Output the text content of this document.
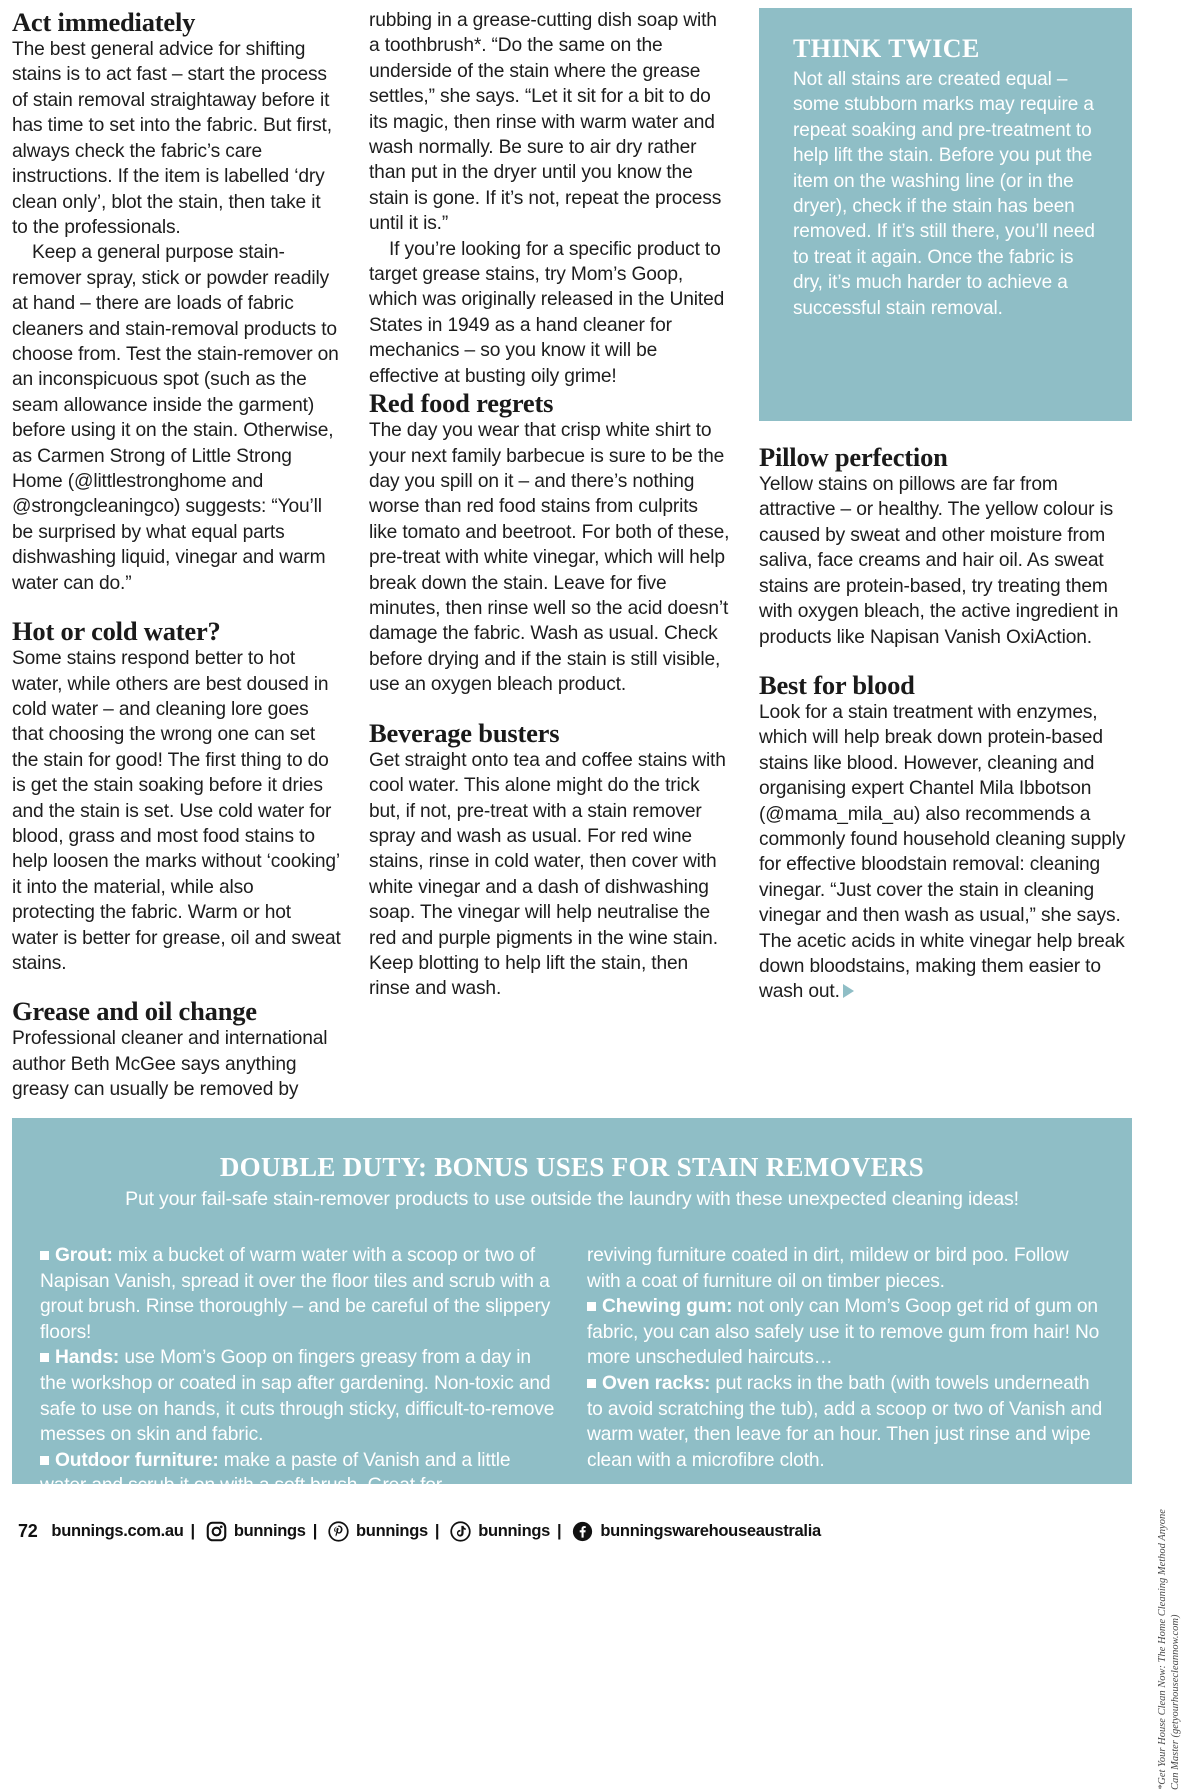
Act immediately

The best general advice for shifting stains is to act fast – start the process of stain removal straightaway before it has time to set into the fabric. But first, always check the fabric’s care instructions. If the item is labelled ‘dry clean only’, blot the stain, then take it to the professionals.

Keep a general purpose stain-remover spray, stick or powder readily at hand – there are loads of fabric cleaners and stain-removal products to choose from. Test the stain-remover on an inconspicuous spot (such as the seam allowance inside the garment) before using it on the stain. Otherwise, as Carmen Strong of Little Strong Home (@littlestronghome and @strongcleaningco) suggests: “You’ll be surprised by what equal parts dishwashing liquid, vinegar and warm water can do.”

Hot or cold water?

Some stains respond better to hot water, while others are best doused in cold water – and cleaning lore goes that choosing the wrong one can set the stain for good! The first thing to do is get the stain soaking before it dries and the stain is set. Use cold water for blood, grass and most food stains to help loosen the marks without ‘cooking’ it into the material, while also protecting the fabric. Warm or hot water is better for grease, oil and sweat stains.

Grease and oil change

Professional cleaner and international author Beth McGee says anything greasy can usually be removed by

rubbing in a grease-cutting dish soap with a toothbrush*. “Do the same on the underside of the stain where the grease settles,” she says. “Let it sit for a bit to do its magic, then rinse with warm water and wash normally. Be sure to air dry rather than put in the dryer until you know the stain is gone. If it’s not, repeat the process until it is.”

If you’re looking for a specific product to target grease stains, try Mom’s Goop, which was originally released in the United States in 1949 as a hand cleaner for mechanics – so you know it will be effective at busting oily grime!

Red food regrets

The day you wear that crisp white shirt to your next family barbecue is sure to be the day you spill on it – and there’s nothing worse than red food stains from culprits like tomato and beetroot. For both of these, pre-treat with white vinegar, which will help break down the stain. Leave for five minutes, then rinse well so the acid doesn’t damage the fabric. Wash as usual. Check before drying and if the stain is still visible, use an oxygen bleach product.

Beverage busters

Get straight onto tea and coffee stains with cool water. This alone might do the trick but, if not, pre-treat with a stain remover spray and wash as usual. For red wine stains, rinse in cold water, then cover with white vinegar and a dash of dishwashing soap. The vinegar will help neutralise the red and purple pigments in the wine stain. Keep blotting to help lift the stain, then rinse and wash.

THINK TWICE
Not all stains are created equal – some stubborn marks may require a repeat soaking and pre-treatment to help lift the stain. Before you put the item on the washing line (or in the dryer), check if the stain has been removed. If it’s still there, you’ll need to treat it again. Once the fabric is dry, it’s much harder to achieve a successful stain removal.
Pillow perfection

Yellow stains on pillows are far from attractive – or healthy. The yellow colour is caused by sweat and other moisture from saliva, face creams and hair oil. As sweat stains are protein-based, try treating them with oxygen bleach, the active ingredient in products like Napisan Vanish OxiAction.

Best for blood

Look for a stain treatment with enzymes, which will help break down protein-based stains like blood. However, cleaning and organising expert Chantel Mila Ibbotson (@mama_mila_au) also recommends a commonly found household cleaning supply for effective bloodstain removal: cleaning vinegar. “Just cover the stain in cleaning vinegar and then wash as usual,” she says. The acetic acids in white vinegar help break down bloodstains, making them easier to wash out.

DOUBLE DUTY: BONUS USES FOR STAIN REMOVERS
Put your fail-safe stain-remover products to use outside the laundry with these unexpected cleaning ideas!

Grout: mix a bucket of warm water with a scoop or two of Napisan Vanish, spread it over the floor tiles and scrub with a grout brush. Rinse thoroughly – and be careful of the slippery floors!

Hands: use Mom’s Goop on fingers greasy from a day in the workshop or coated in sap after gardening. Non-toxic and safe to use on hands, it cuts through sticky, difficult-to-remove messes on skin and fabric.

Outdoor furniture: make a paste of Vanish and a little water and scrub it on with a soft brush. Great for

reviving furniture coated in dirt, mildew or bird poo. Follow with a coat of furniture oil on timber pieces.

Chewing gum: not only can Mom’s Goop get rid of gum on fabric, you can also safely use it to remove gum from hair! No more unscheduled haircuts…

Oven racks: put racks in the bath (with towels underneath to avoid scratching the tub), add a scoop or two of Vanish and warm water, then leave for an hour. Then just rinse and wipe clean with a microfibre cloth.

*Get Your House Clean Now: The Home Cleaning Method Anyone Can Master (getyourhousecleannow.com)
72 bunnings.com.au | bunnings | bunnings | bunnings | bunningswarehouseaustralia
